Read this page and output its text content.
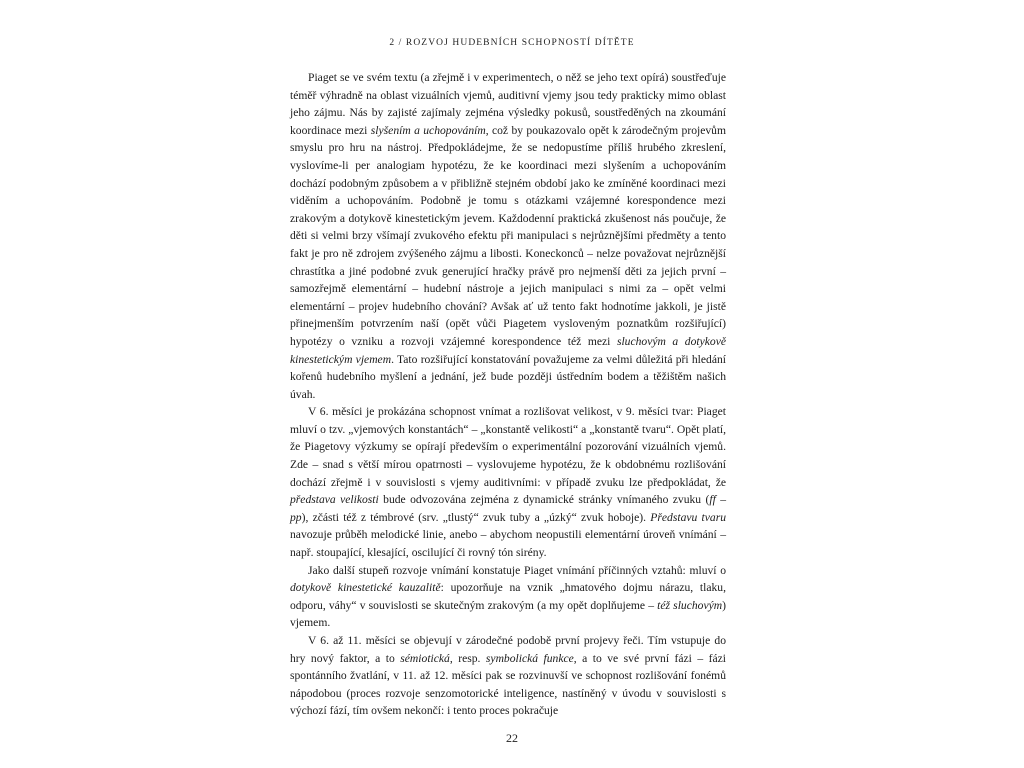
2 / ROZVOJ HUDEBNÍCH SCHOPNOSTÍ DÍTĚTE

Piaget se ve svém textu (a zřejmě i v experimentech, o něž se jeho text opírá) soustřeďuje téměř výhradně na oblast vizuálních vjemů, auditivní vjemy jsou tedy prakticky mimo oblast jeho zájmu. Nás by zajisté zajímaly zejména výsledky pokusů, soustředěných na zkoumání koordinace mezi slyšením a uchopováním, což by poukazovalo opět k zárodečným projevům smyslu pro hru na nástroj. Předpokládejme, že se nedopustíme příliš hrubého zkreslení, vyslovíme-li per analogiam hypotézu, že ke koordinaci mezi slyšením a uchopováním dochází podobným způsobem a v přibližně stejném období jako ke zmíněné koordinaci mezi viděním a uchopováním. Podobně je tomu s otázkami vzájemné korespondence mezi zrakovým a dotykově kinestetickým jevem. Každodenní praktická zkušenost nás poučuje, že děti si velmi brzy všímají zvukového efektu při manipulaci s nejrůznějšími předměty a tento fakt je pro ně zdrojem zvýšeného zájmu a libosti. Koneckonců – nelze považovat nejrůznější chrastítka a jiné podobné zvuk generující hračky právě pro nejmenší děti za jejich první – samozřejmě elementární – hudební nástroje a jejich manipulaci s nimi za – opět velmi elementární – projev hudebního chování? Avšak ať už tento fakt hodnotíme jakkoli, je jistě přinejmenším potvrzením naší (opět vůči Piagetem vysloveným poznatkům rozšiřující) hypotézy o vzniku a rozvoji vzájemné korespondence též mezi sluchovým a dotykově kinestetickým vjemem. Tato rozšiřující konstatování považujeme za velmi důležitá při hledání kořenů hudebního myšlení a jednání, jež bude později ústředním bodem a těžištěm našich úvah.

V 6. měsíci je prokázána schopnost vnímat a rozlišovat velikost, v 9. měsíci tvar: Piaget mluví o tzv. „vjemových konstantách“ – „konstantě velikosti“ a „konstantě tvaru“. Opět platí, že Piagetovy výzkumy se opírají především o experimentální pozorování vizuálních vjemů. Zde – snad s větší mírou opatrnosti – vyslovujeme hypotézu, že k obdobnému rozlišování dochází zřejmě i v souvislosti s vjemy auditivními: v případě zvuku lze předpokládat, že představa velikosti bude odvozována zejména z dynamické stránky vnímaného zvuku (ff – pp), zčásti též z témbrové (srv. „tlustý“ zvuk tuby a „úzký“ zvuk hoboje). Představu tvaru navozuje průběh melodické linie, anebo – abychom neopustili elementární úroveň vnímání – např. stoupající, klesající, oscilující či rovný tón sirény.

Jako další stupeň rozvoje vnímání konstatuje Piaget vnímání příčinných vztahů: mluví o dotykově kinestetické kauzalitě: upozorňuje na vznik „hmatového dojmu nárazu, tlaku, odporu, váhy“ v souvislosti se skutečným zrakovým (a my opět doplňujeme – též sluchovým) vjemem.

V 6. až 11. měsíci se objevují v zárodečné podobě první projevy řeči. Tím vstupuje do hry nový faktor, a to sémiotická, resp. symbolická funkce, a to ve své první fázi – fázi spontánního žvatlání, v 11. až 12. měsíci pak se rozvinuvší ve schopnost rozlišování fonémů nápodobou (proces rozvoje senzomotorické inteligence, nastíněný v úvodu v souvislosti s výchozí fází, tím ovšem nekončí: i tento proces pokračuje

22
